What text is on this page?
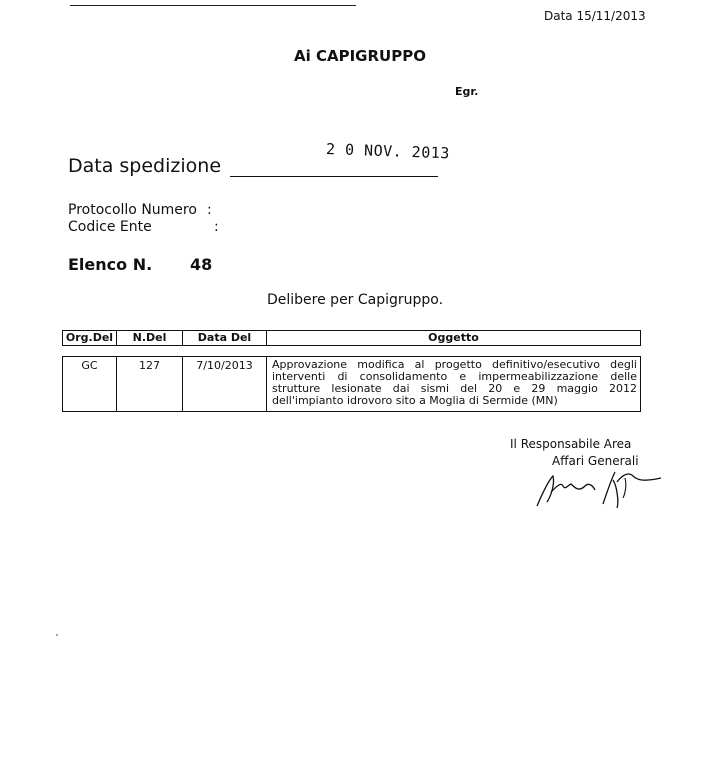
Data 15/11/2013
Ai CAPIGRUPPO
Egr.
2 0 NOV. 2013
Data spedizione
Protocollo Numero :
Codice Ente	:
Elenco N. 48
Delibere per Capigruppo.
Org.Del	N.Del	Data Del	Oggetto
GC	127	7/10/2013	Approvazione modifica al progetto definitivo/esecutivo degli
interventi di consolidamento e impermeabilizzazione delle
strutture lesionate dai sismi del 20 e 29 maggio 2012
dell'impianto idrovoro sito a Moglia di Sermide (MN)
Il Responsabile Area
Affari Generali
